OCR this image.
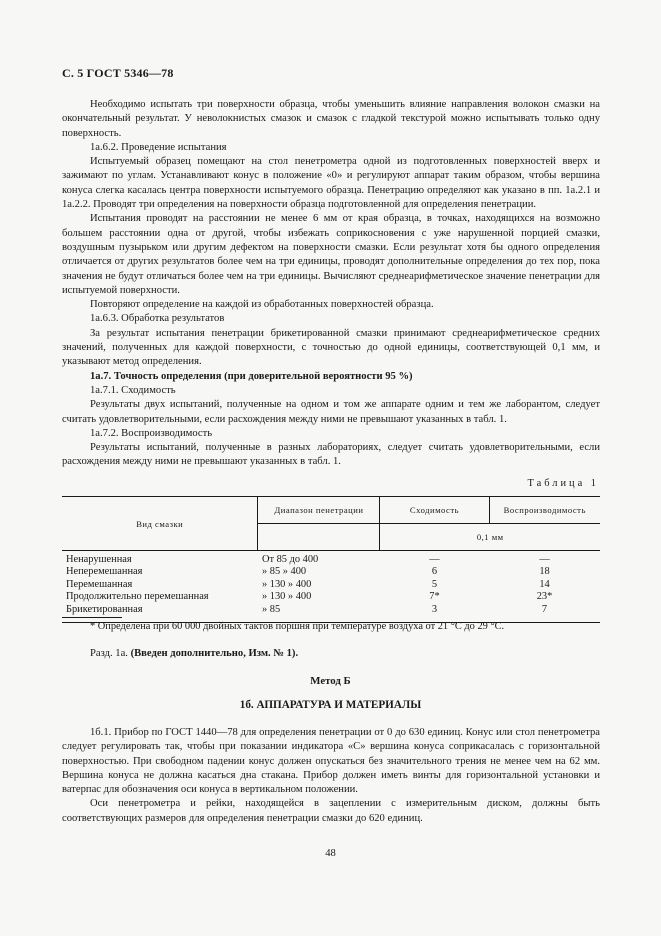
С. 5 ГОСТ 5346—78

Необходимо испытать три поверхности образца, чтобы уменьшить влияние направления волокон смазки на окончательный результат. У неволокнистых смазок и смазок с гладкой текстурой можно испытывать только одну поверхность.

1а.6.2. Проведение испытания

Испытуемый образец помещают на стол пенетрометра одной из подготовленных поверхностей вверх и зажимают по углам. Устанавливают конус в положение «0» и регулируют аппарат таким образом, чтобы вершина конуса слегка касалась центра поверхности испытуемого образца. Пенетрацию определяют как указано в пп. 1а.2.1 и 1а.2.2. Проводят три определения на поверхности образца подготовленной для определения пенетрации.

Испытания проводят на расстоянии не менее 6 мм от края образца, в точках, находящихся на возможно большем расстоянии одна от другой, чтобы избежать соприкосновения с уже нарушенной порцией смазки, воздушным пузырьком или другим дефектом на поверхности смазки. Если результат хотя бы одного определения отличается от других результатов более чем на три единицы, проводят дополнительные определения до тех пор, пока значения не будут отличаться более чем на три единицы. Вычисляют среднеарифметическое значение пенетрации для испытуемой поверхности.

Повторяют определение на каждой из обработанных поверхностей образца.

1а.6.3. Обработка результатов

За результат испытания пенетрации брикетированной смазки принимают среднеарифметическое средних значений, полученных для каждой поверхности, с точностью до одной единицы, соответствующей 0,1 мм, и указывают метод определения.

1а.7. Точность определения (при доверительной вероятности 95 %)

1а.7.1. Сходимость

Результаты двух испытаний, полученные на одном и том же аппарате одним и тем же лаборантом, следует считать удовлетворительными, если расхождения между ними не превышают указанных в табл. 1.

1а.7.2. Воспроизводимость

Результаты испытаний, полученные в разных лабораториях, следует считать удовлетворительными, если расхождения между ними не превышают указанных в табл. 1.

Таблица 1
Вид смазки	Диапазон пенетрации	Сходимость	Воспроизводимость
		0,1 мм	
Ненарушенная	От 85 до 400	—	—
Неперемешанная	» 85 » 400	6	18
Перемешанная	» 130 » 400	5	14
Продолжительно перемешанная	» 130 » 400	7*	23*
Брикетированная	» 85	3	7
* Определена при 60 000 двойных тактов поршня при температуре воздуха от 21 °С до 29 °С.
Разд. 1а. (Введен дополнительно, Изм. № 1).
Метод Б
1б. АППАРАТУРА И МАТЕРИАЛЫ

1б.1. Прибор по ГОСТ 1440—78 для определения пенетрации от 0 до 630 единиц. Конус или стол пенетрометра следует регулировать так, чтобы при показании индикатора «С» вершина конуса соприкасалась с горизонтальной поверхностью. При свободном падении конус должен опускаться без значительного трения не менее чем на 62 мм. Вершина конуса не должна касаться дна стакана. Прибор должен иметь винты для горизонтальной установки и ватерпас для обозначения оси конуса в вертикальном положении.

Оси пенетрометра и рейки, находящейся в зацеплении с измерительным диском, должны быть соответствующих размеров для определения пенетрации смазки до 620 единиц.

48
